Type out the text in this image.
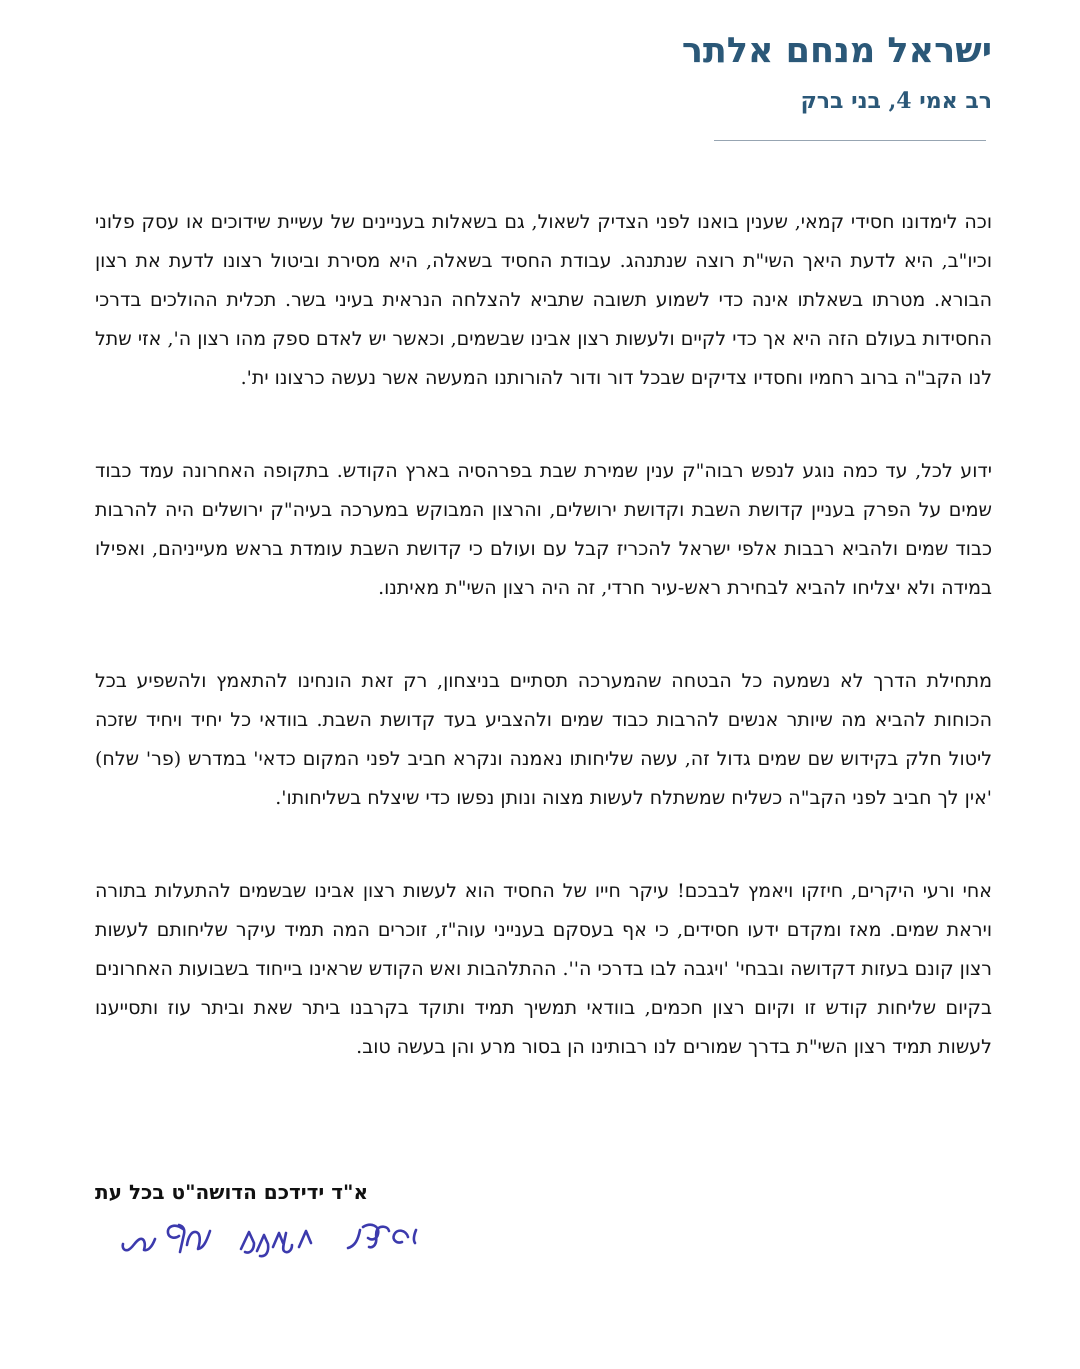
ישראל מנחם אלתר
רב אמי 4, בני ברק

וכה לימדונו חסידי קמאי, שענין בואנו לפני הצדיק לשאול, גם בשאלות בעניינים של עשיית שידוכים או עסק פלוני וכיו"ב, היא לדעת היאך השי"ת רוצה שנתנהג. עבודת החסיד בשאלה, היא מסירת וביטול רצונו לדעת את רצון הבורא. מטרתו בשאלתו אינה כדי לשמוע תשובה שתביא להצלחה הנראית בעיני בשר. תכלית ההולכים בדרכי החסידות בעולם הזה היא אך כדי לקיים ולעשות רצון אבינו שבשמים, וכאשר יש לאדם ספק מהו רצון ה', אזי שתל לנו הקב"ה ברוב רחמיו וחסדיו צדיקים שבכל דור ודור להורותנו המעשה אשר נעשה כרצונו ית'.

ידוע לכל, עד כמה נוגע לנפש רבוה"ק ענין שמירת שבת בפרהסיה בארץ הקודש. בתקופה האחרונה עמד כבוד שמים על הפרק בעניין קדושת השבת וקדושת ירושלים, והרצון המבוקש במערכה בעיה"ק ירושלים היה להרבות כבוד שמים ולהביא רבבות אלפי ישראל להכריז קבל עם ועולם כי קדושת השבת עומדת בראש מעייניהם, ואפילו במידה ולא יצליחו להביא לבחירת ראש-עיר חרדי, זה היה רצון השי"ת מאיתנו.

מתחילת הדרך לא נשמעה כל הבטחה שהמערכה תסתיים בניצחון, רק זאת הונחינו להתאמץ ולהשפיע בכל הכוחות להביא מה שיותר אנשים להרבות כבוד שמים ולהצביע בעד קדושת השבת. בוודאי כל יחיד ויחיד שזכה ליטול חלק בקידוש שם שמים גדול זה, עשה שליחותו נאמנה ונקרא חביב לפני המקום כדאי' במדרש (פר' שלח) 'אין לך חביב לפני הקב"ה כשליח שמשתלח לעשות מצוה ונותן נפשו כדי שיצלח בשליחותו'.

אחי ורעי היקרים, חיזקו ויאמץ לבבכם! עיקר חייו של החסיד הוא לעשות רצון אבינו שבשמים להתעלות בתורה ויראת שמים. מאז ומקדם ידעו חסידים, כי אף בעסקם בענייני עוה"ז, זוכרים המה תמיד עיקר שליחותם לעשות רצון קונם בעזות דקדושה ובבחי' 'ויגבה לבו בדרכי ה''. ההתלהבות ואש הקודש שראינו בייחוד בשבועות האחרונים בקיום שליחות קודש זו וקיום רצון חכמים, בוודאי תמשיך תמיד ותוקד בקרבנו ביתר שאת וביתר עוז ותסייענו לעשות תמיד רצון השי"ת בדרך שמורים לנו רבותינו הן בסור מרע והן בעשה טוב.

א"ד ידידכם הדושה"ט בכל עת
